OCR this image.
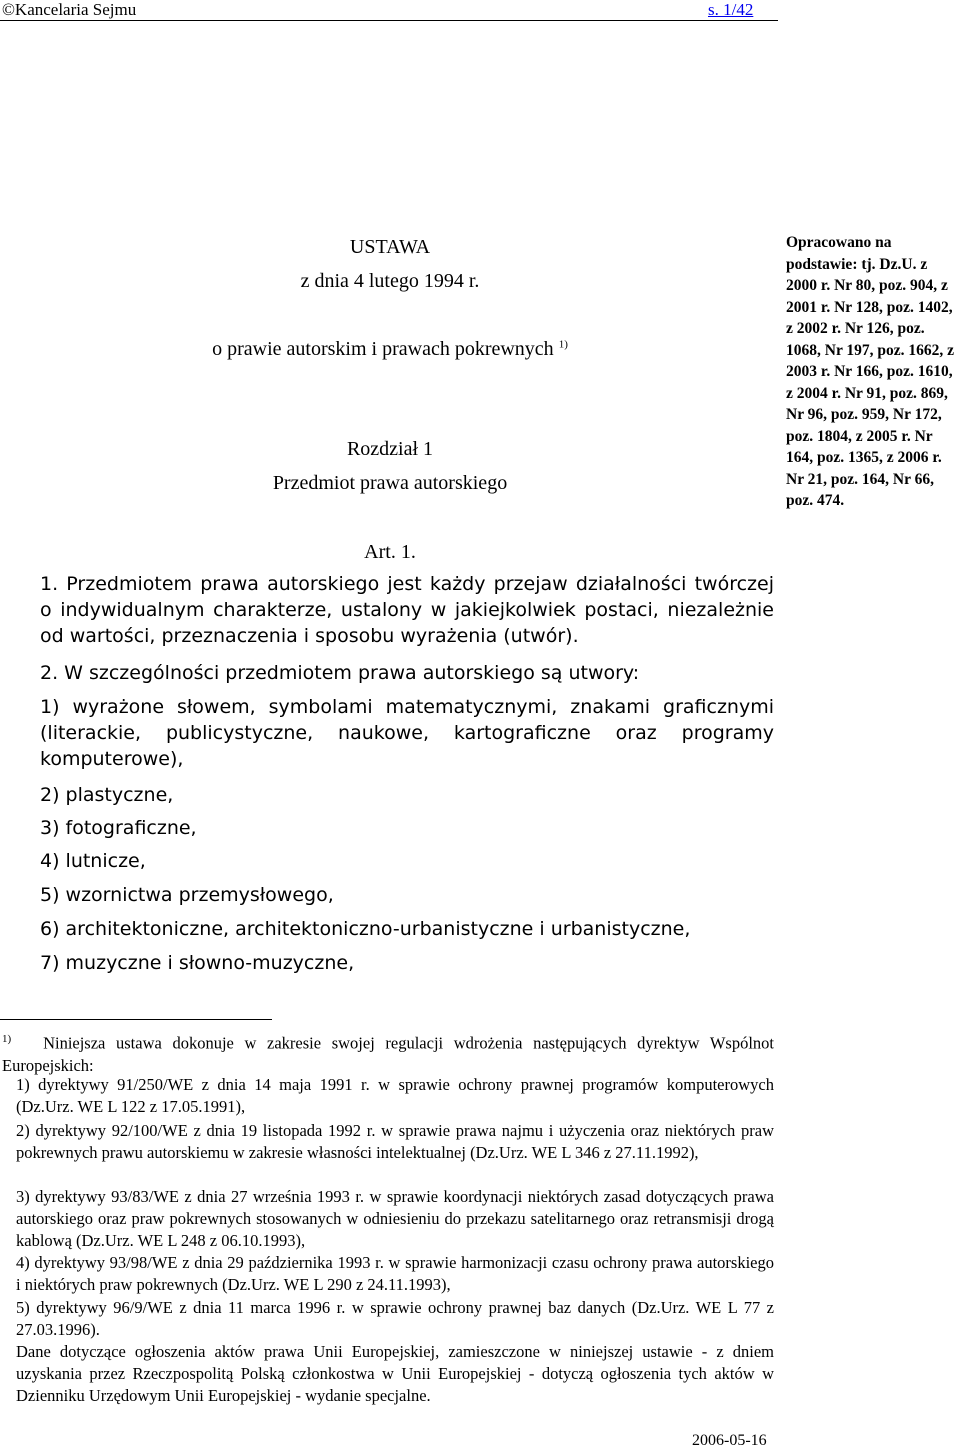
©Kancelaria Sejmu	s. 1/42
USTAWA
z dnia 4 lutego 1994 r.
o prawie autorskim i prawach pokrewnych $^{1)}$
Rozdział 1
Przedmiot prawa autorskiego
Art. 1.
Opracowano na podstawie: tj. Dz.U. z 2000 r. Nr 80, poz. 904, z 2001 r. Nr 128, poz. 1402, z 2002 r. Nr 126, poz. 1068, Nr 197, poz. 1662, z 2003 r. Nr 166, poz. 1610, z 2004 r. Nr 91, poz. 869, Nr 96, poz. 959, Nr 172, poz. 1804, z 2005 r. Nr 164, poz. 1365, z 2006 r. Nr 21, poz. 164, Nr 66, poz. 474.
1. Przedmiotem prawa autorskiego jest każdy przejaw działalności twórczej o indywidualnym charakterze, ustalony w jakiejkolwiek postaci, niezależnie od wartości, przeznaczenia i sposobu wyrażenia (utwór).
2. W szczególności przedmiotem prawa autorskiego są utwory:
1) wyrażone słowem, symbolami matematycznymi, znakami graficznymi (literackie, publicystyczne, naukowe, kartograficzne oraz programy komputerowe),
2) plastyczne,
3) fotograficzne,
4) lutnicze,
5) wzornictwa przemysłowego,
6) architektoniczne, architektoniczno-urbanistyczne i urbanistyczne,
7) muzyczne i słowno-muzyczne,
$^{1)}$ Niniejsza ustawa dokonuje w zakresie swojej regulacji wdrożenia następujących dyrektyw Wspólnot Europejskich:
1) dyrektywy 91/250/WE z dnia 14 maja 1991 r. w sprawie ochrony prawnej programów komputerowych (Dz.Urz. WE L 122 z 17.05.1991),
2) dyrektywy 92/100/WE z dnia 19 listopada 1992 r. w sprawie prawa najmu i użyczenia oraz niektórych praw pokrewnych prawu autorskiemu w zakresie własności intelektualnej (Dz.Urz. WE L 346 z 27.11.1992),
3) dyrektywy 93/83/WE z dnia 27 września 1993 r. w sprawie koordynacji niektórych zasad dotyczących prawa autorskiego oraz praw pokrewnych stosowanych w odniesieniu do przekazu satelitarnego oraz retransmisji drogą kablową (Dz.Urz. WE L 248 z 06.10.1993),
4) dyrektywy 93/98/WE z dnia 29 października 1993 r. w sprawie harmonizacji czasu ochrony prawa autorskiego i niektórych praw pokrewnych (Dz.Urz. WE L 290 z 24.11.1993),
5) dyrektywy 96/9/WE z dnia 11 marca 1996 r. w sprawie ochrony prawnej baz danych (Dz.Urz. WE L 77 z 27.03.1996).
Dane dotyczące ogłoszenia aktów prawa Unii Europejskiej, zamieszczone w niniejszej ustawie - z dniem uzyskania przez Rzeczpospolitą Polską członkostwa w Unii Europejskiej - dotyczą ogłoszenia tych aktów w Dzienniku Urzędowym Unii Europejskiej - wydanie specjalne.
2006-05-16
